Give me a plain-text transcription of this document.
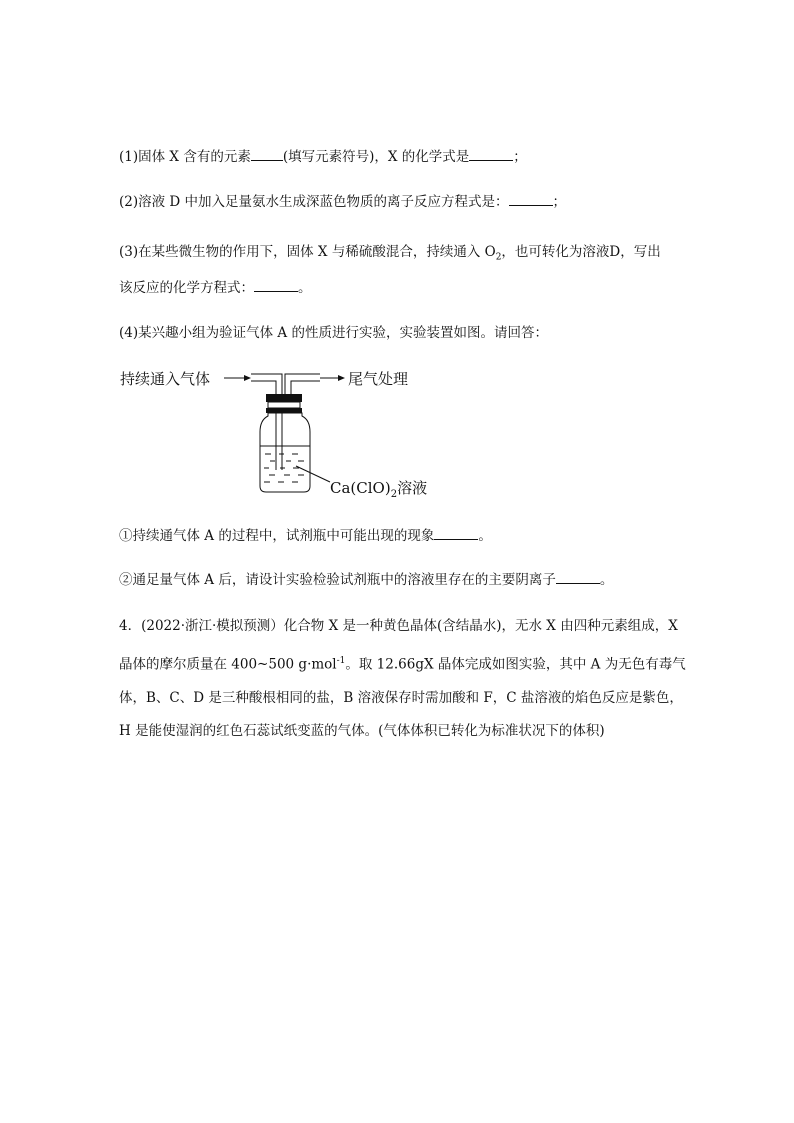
(1)固体 X 含有的元素 (填写元素符号)，X 的化学式是	；
(2)溶液 D 中加入足量氨水生成深蓝色物质的离子反应方程式是：	；
(3)在某些微生物的作用下，固体 X 与稀硫酸混合，持续通入 $O_2$，也可转化为溶液D，写出
该反应的化学方程式：	。
(4)某兴趣小组为验证气体 A 的性质进行实验，实验装置如图。请回答：
持续通入气体	尾气处理
$Ca(ClO)_2$溶液
①持续通气体 A 的过程中，试剂瓶中可能出现的现象	。
②通足量气体 A 后，请设计实验检验试剂瓶中的溶液里存在的主要阴离子	。
4．(2022·浙江·模拟预测）化合物 X 是一种黄色晶体(含结晶水)，无水 X 由四种元素组成，X
晶体的摩尔质量在 400~500 g·mol$^{-1}$。取 12.66gX 晶体完成如图实验，其中 A 为无色有毒气
体，B、C、D 是三种酸根相同的盐，B 溶液保存时需加酸和 F，C 盐溶液的焰色反应是紫色，
H 是能使湿润的红色石蕊试纸变蓝的气体。(气体体积已转化为标准状况下的体积)
